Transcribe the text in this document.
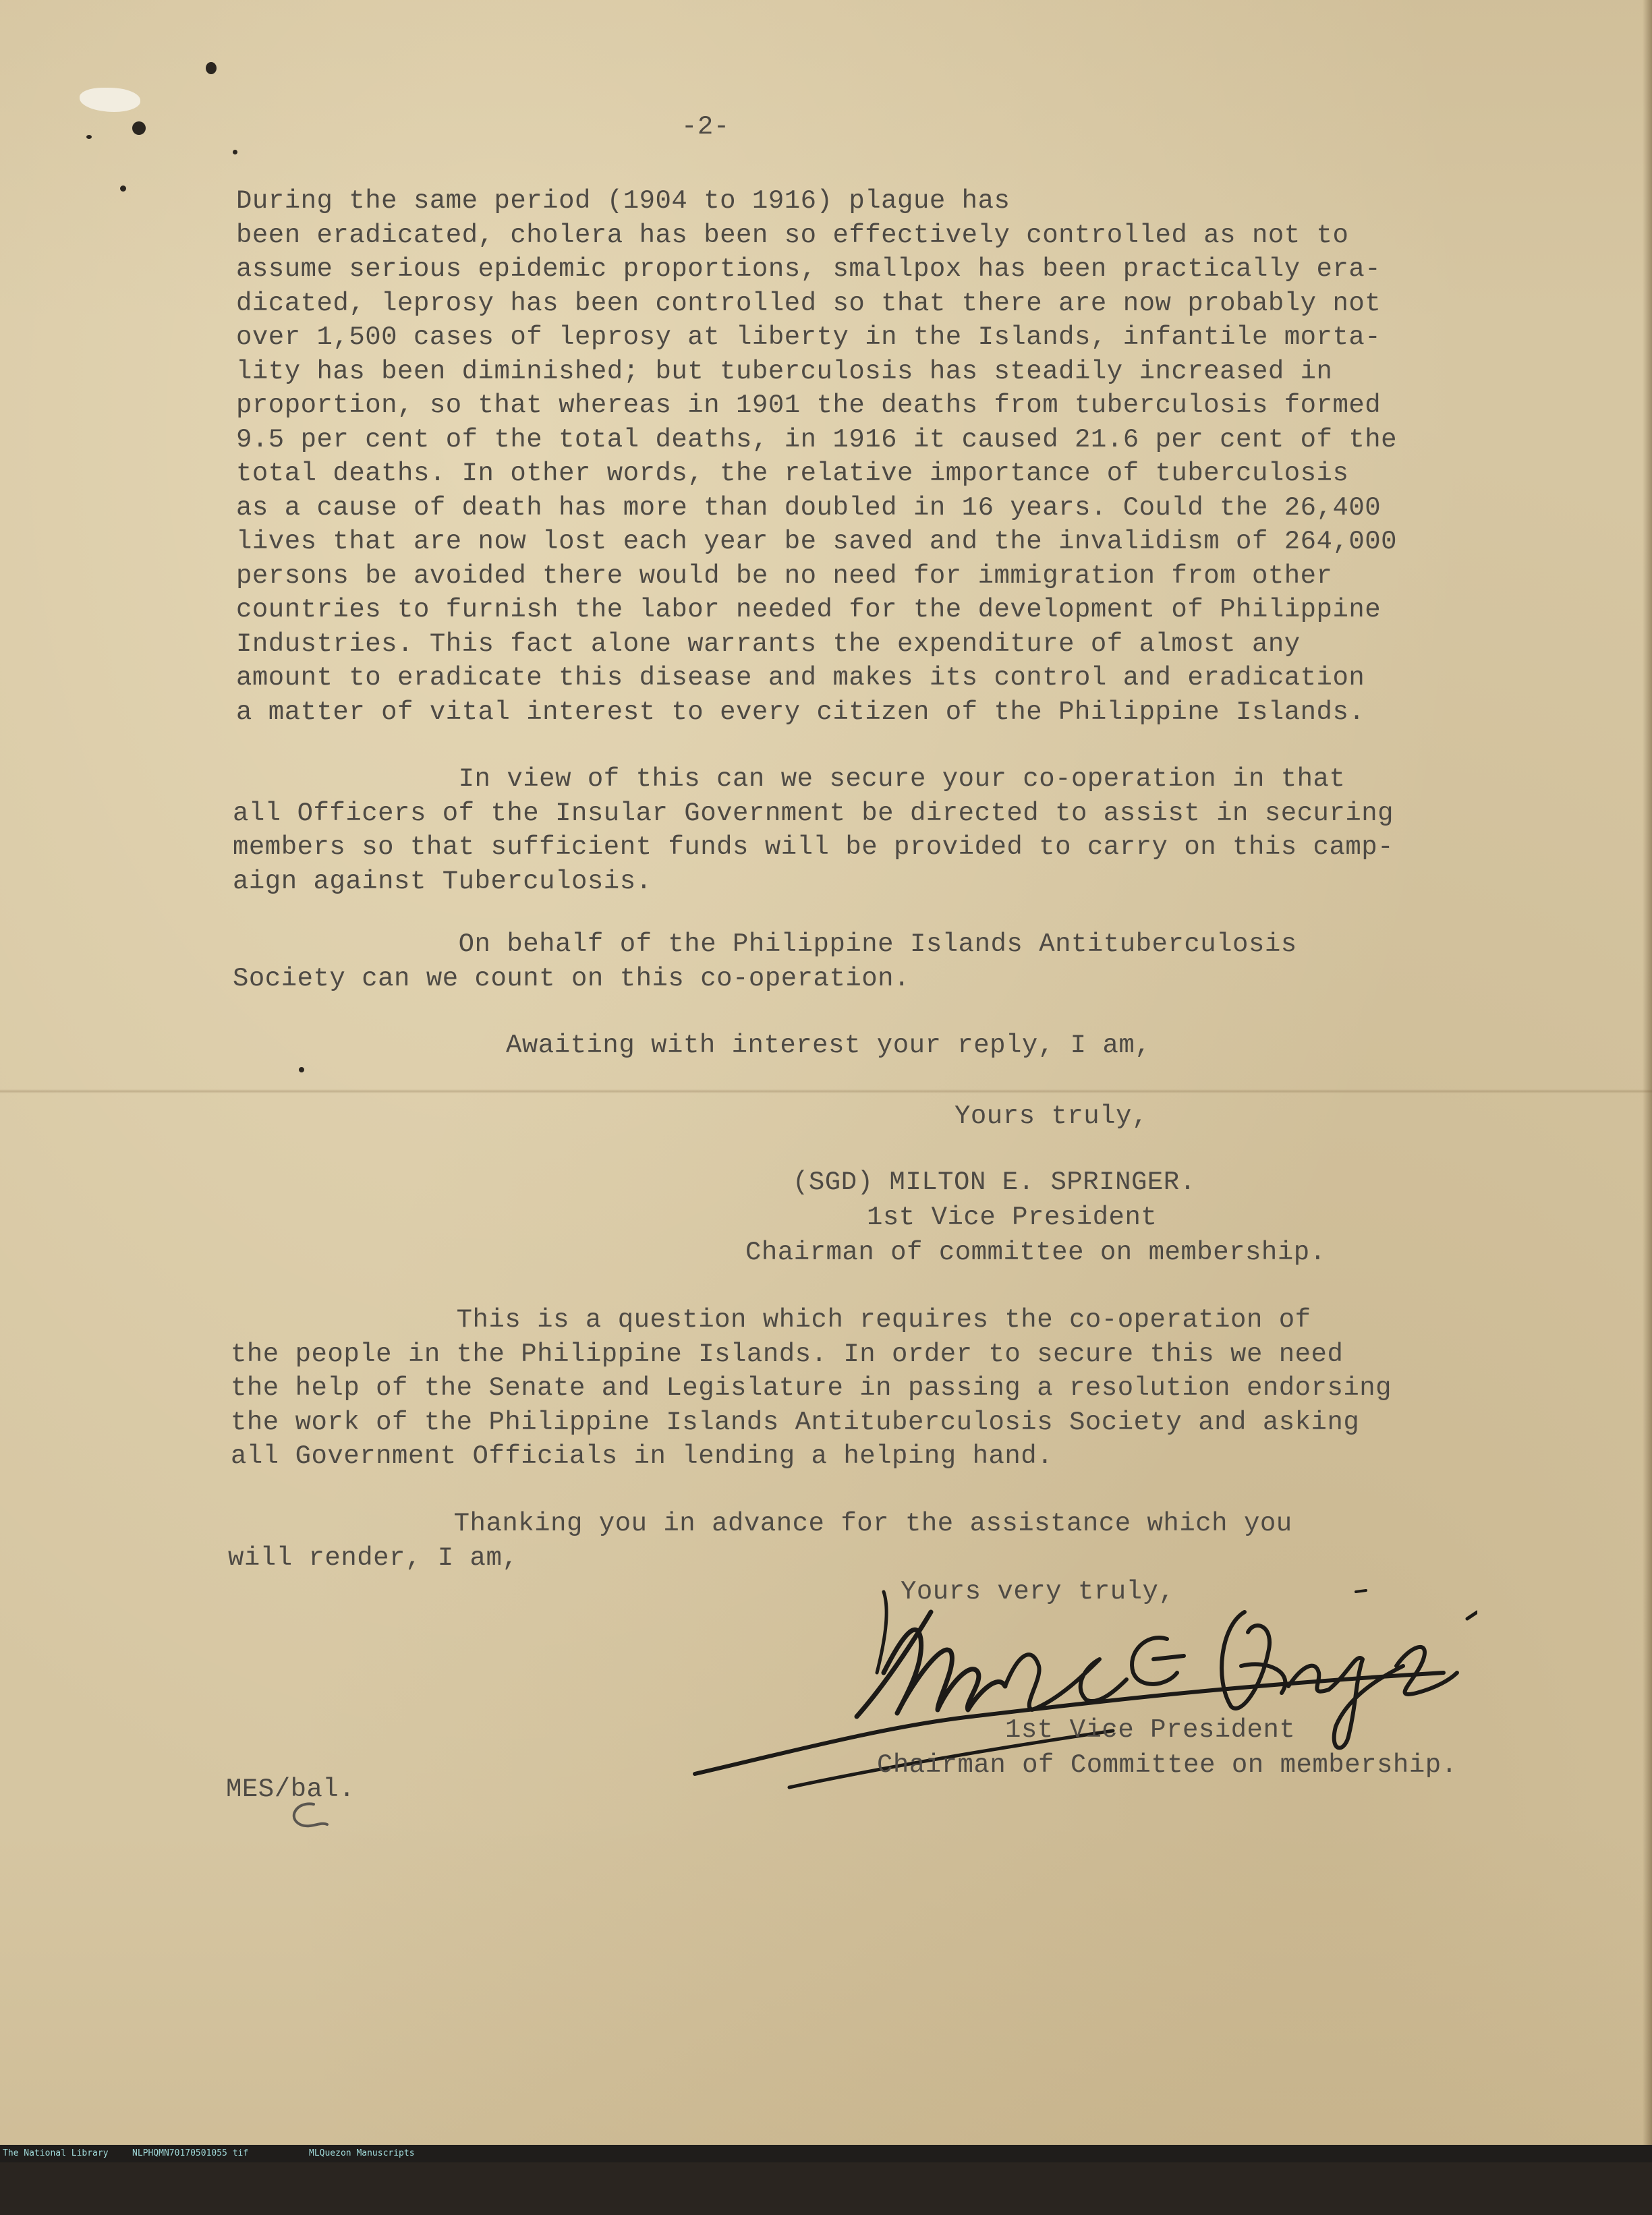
-2-
During the same period (1904 to 1916) plague has
been eradicated, cholera has been so effectively controlled as not to
assume serious epidemic proportions, smallpox has been practically era-
dicated, leprosy has been controlled so that there are now probably not
over 1,500 cases of leprosy at liberty in the Islands, infantile morta-
lity has been diminished; but tuberculosis has steadily increased in
proportion, so that whereas in 1901 the deaths from tuberculosis formed
9.5 per cent of the total deaths, in 1916 it caused 21.6 per cent of the
total deaths. In other words, the relative importance of tuberculosis
as a cause of death has more than doubled in 16 years. Could the 26,400
lives that are now lost each year be saved and the invalidism of 264,000
persons be avoided there would be no need for immigration from other
countries to furnish the labor needed for the development of Philippine
Industries. This fact alone warrants the expenditure of almost any
amount to eradicate this disease and makes its control and eradication
a matter of vital interest to every citizen of the Philippine Islands.
In view of this can we secure your co-operation in that
all Officers of the Insular Government be directed to assist in securing
members so that sufficient funds will be provided to carry on this camp-
aign against Tuberculosis.
On behalf of the Philippine Islands Antituberculosis
Society can we count on this co-operation.
Awaiting with interest your reply, I am,
Yours truly,
(SGD) MILTON E. SPRINGER.
1st Vice President
Chairman of committee on membership.
This is a question which requires the co-operation of
the people in the Philippine Islands. In order to secure this we need
the help of the Senate and Legislature in passing a resolution endorsing
the work of the Philippine Islands Antituberculosis Society and asking
all Government Officials in lending a helping hand.
Thanking you in advance for the assistance which you
will render, I am,
Yours very truly,
1st Vice President
Chairman of Committee on membership.
MES/bal.

The National Library

	NLPHQMN70170501055 tif

	MLQuezon Manuscripts
